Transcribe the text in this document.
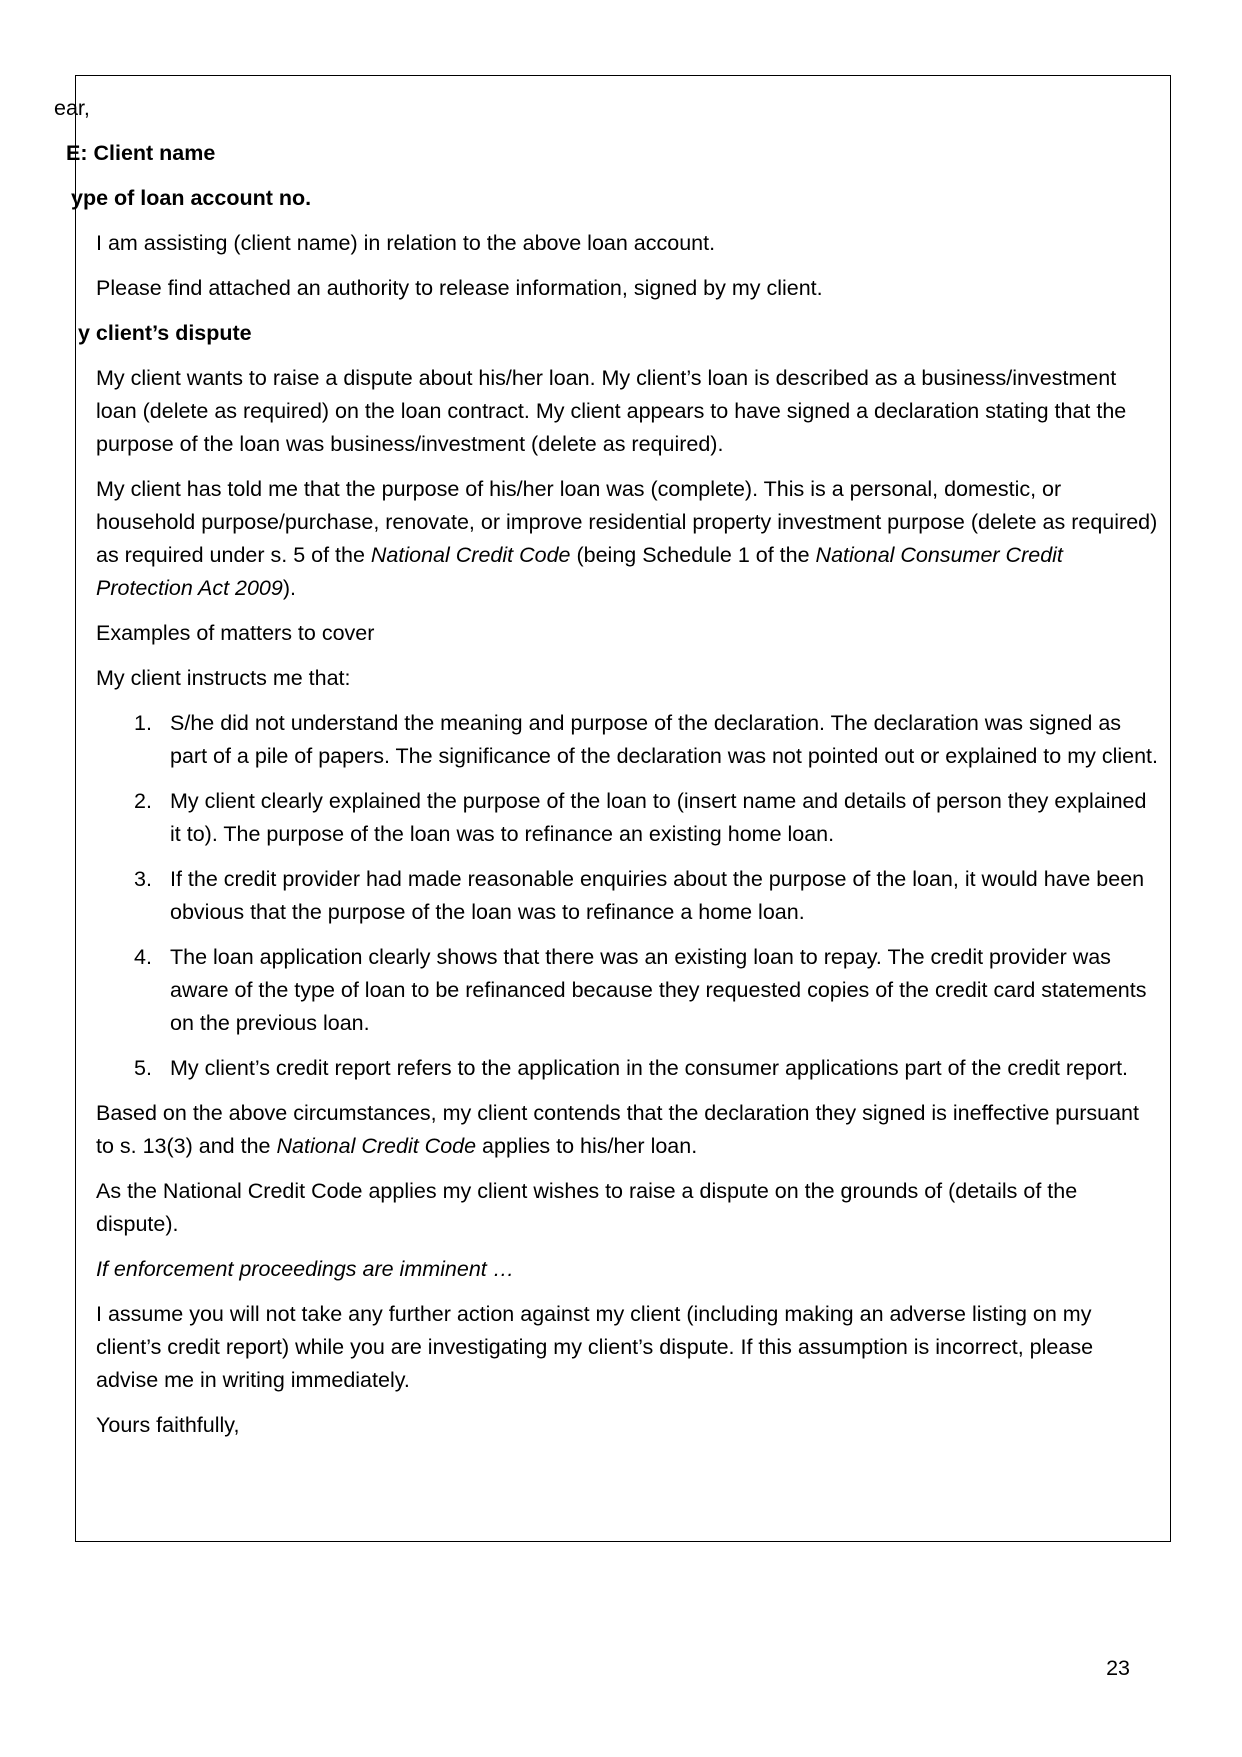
ear,

E: Client name

ype of loan account no.

I am assisting (client name) in relation to the above loan account.

Please find attached an authority to release information, signed by my client.

y client’s dispute

My client wants to raise a dispute about his/her loan. My client’s loan is described as a business/investment loan (delete as required) on the loan contract. My client appears to have signed a declaration stating that the purpose of the loan was business/investment (delete as required).

My client has told me that the purpose of his/her loan was (complete). This is a personal, domestic, or household purpose/purchase, renovate, or improve residential property investment purpose (delete as required) as required under s. 5 of the National Credit Code (being Schedule 1 of the National Consumer Credit Protection Act 2009).

Examples of matters to cover

My client instructs me that:

1. S/he did not understand the meaning and purpose of the declaration. The declaration was signed as part of a pile of papers. The significance of the declaration was not pointed out or explained to my client.
2. My client clearly explained the purpose of the loan to (insert name and details of person they explained it to). The purpose of the loan was to refinance an existing home loan.
3. If the credit provider had made reasonable enquiries about the purpose of the loan, it would have been obvious that the purpose of the loan was to refinance a home loan.
4. The loan application clearly shows that there was an existing loan to repay. The credit provider was aware of the type of loan to be refinanced because they requested copies of the credit card statements on the previous loan.
5. My client’s credit report refers to the application in the consumer applications part of the credit report.

Based on the above circumstances, my client contends that the declaration they signed is ineffective pursuant to s. 13(3) and the National Credit Code applies to his/her loan.

As the National Credit Code applies my client wishes to raise a dispute on the grounds of (details of the dispute).

If enforcement proceedings are imminent …

I assume you will not take any further action against my client (including making an adverse listing on my client’s credit report) while you are investigating my client’s dispute. If this assumption is incorrect, please advise me in writing immediately.

Yours faithfully,

23
